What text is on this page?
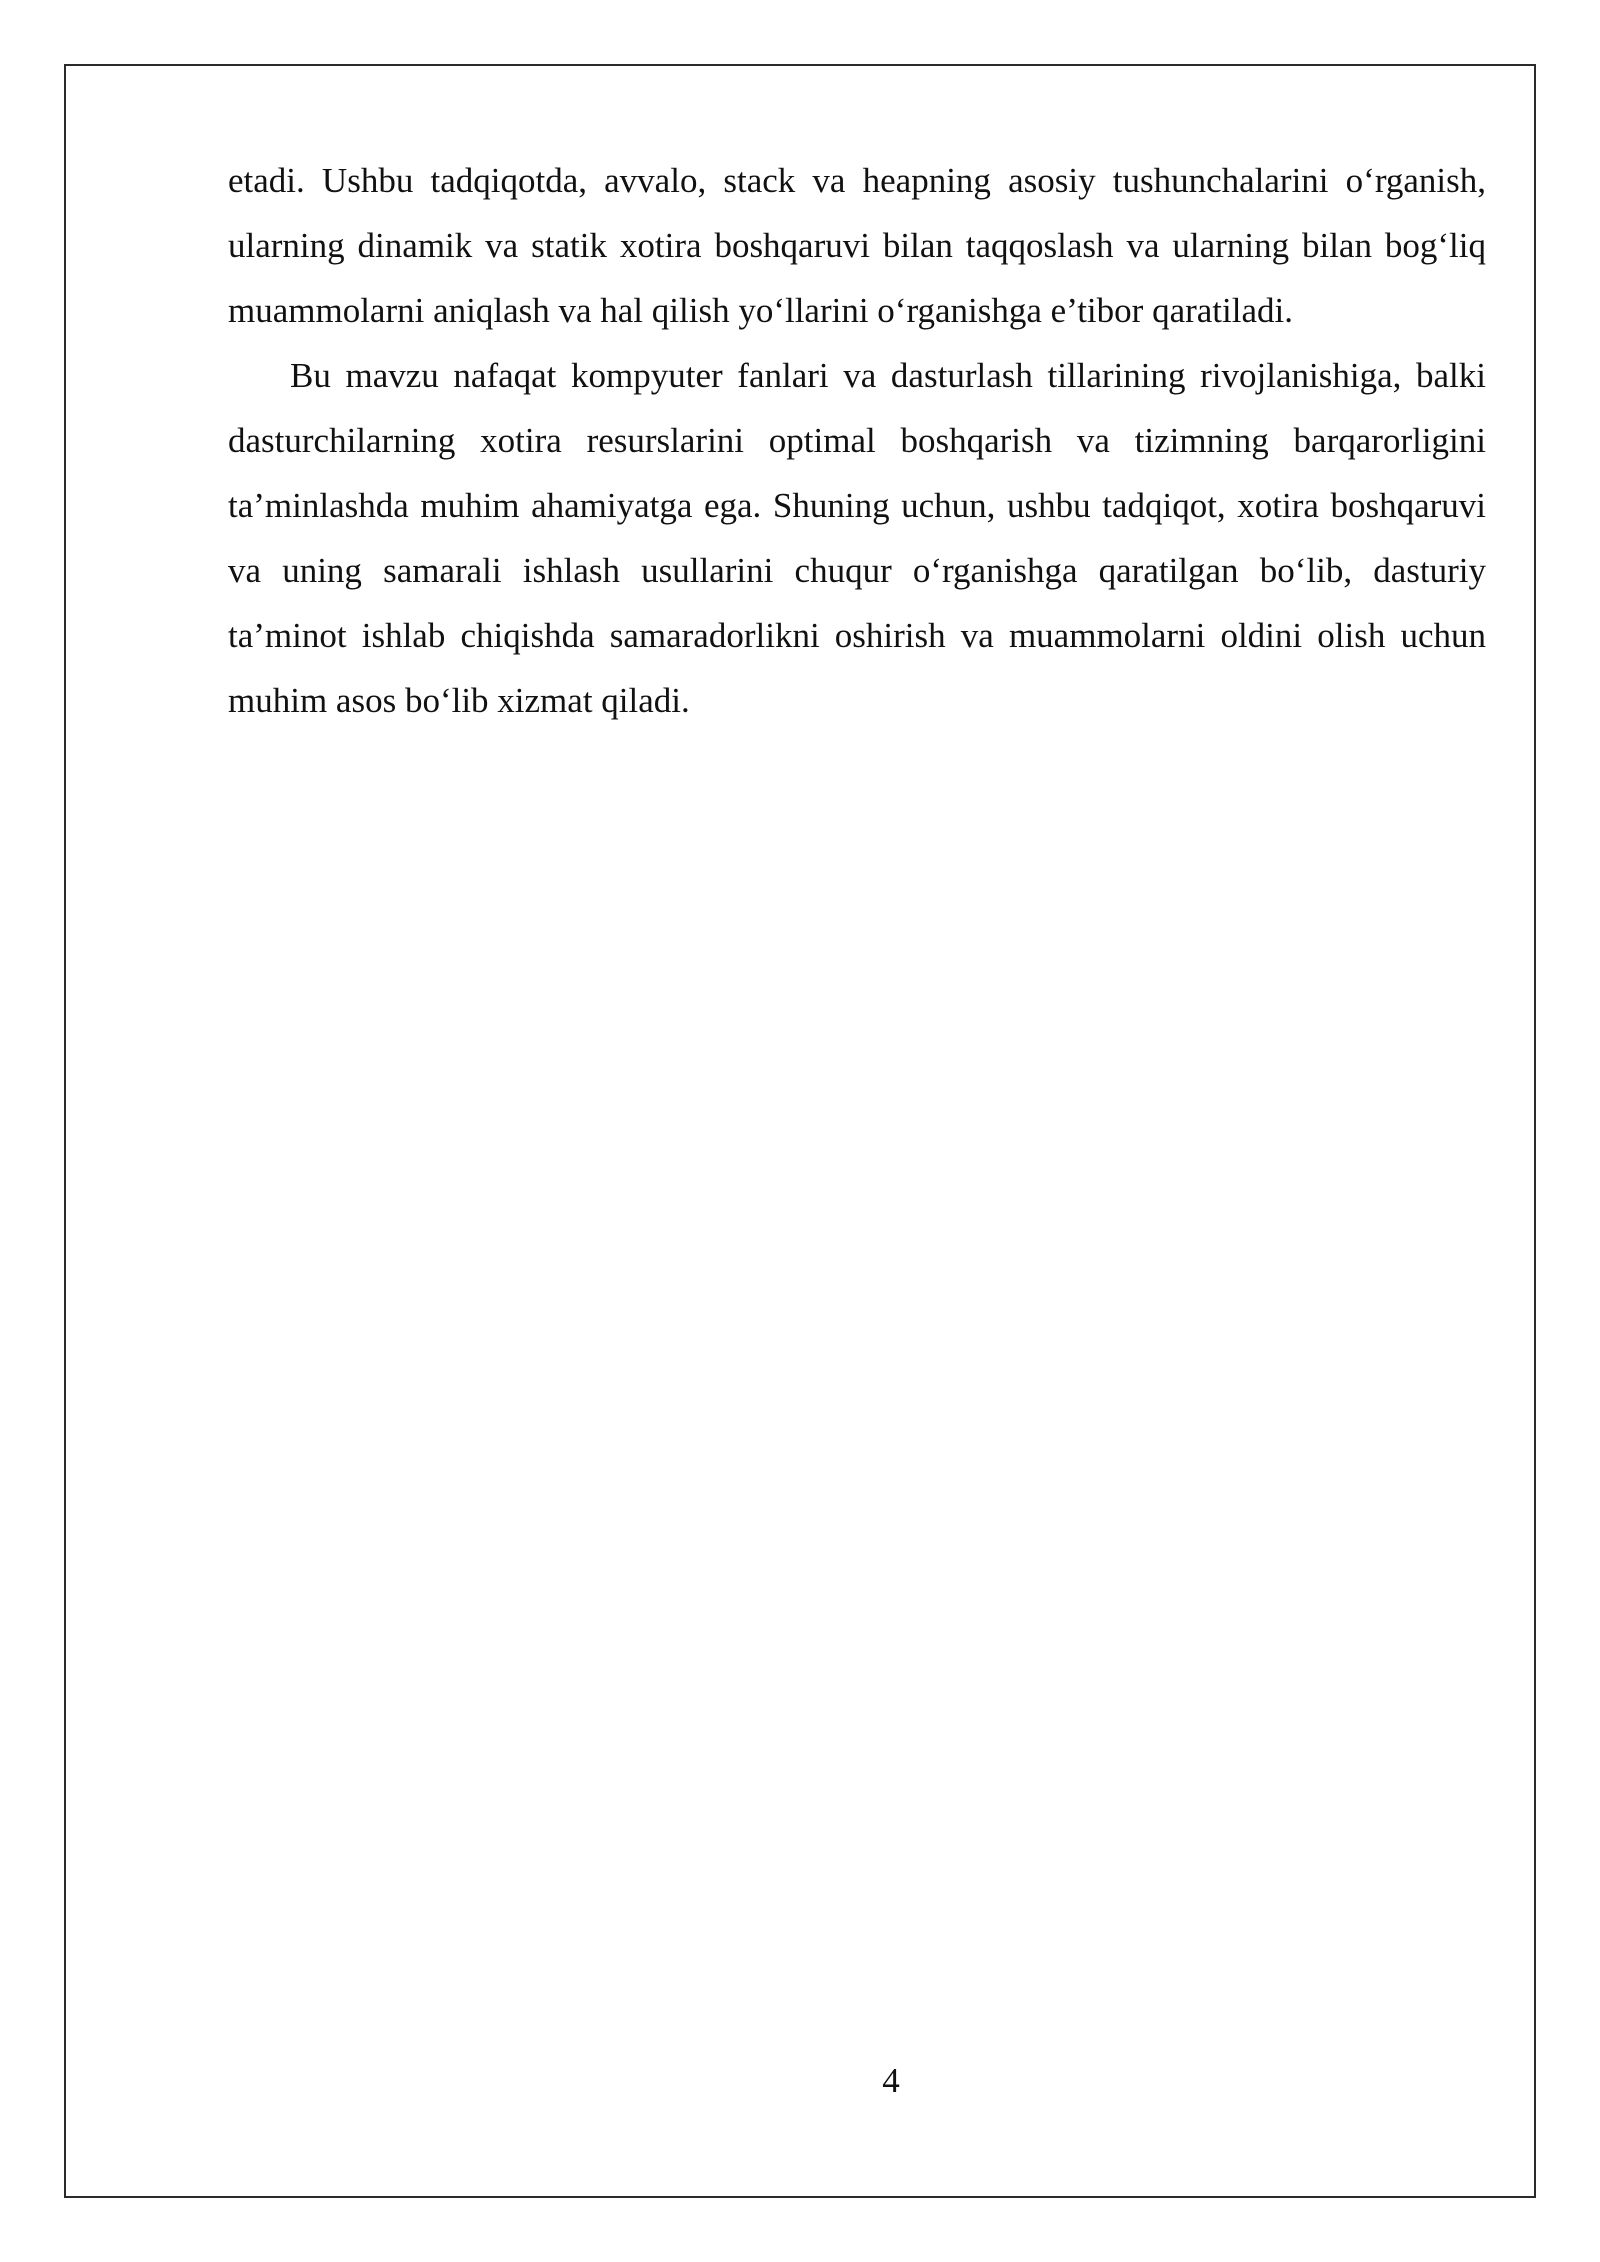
etadi. Ushbu tadqiqotda, avvalo, stack va heapning asosiy tushunchalarini o‘rganish, ularning dinamik va statik xotira boshqaruvi bilan taqqoslash va ularning bilan bog‘liq muammolarni aniqlash va hal qilish yo‘llarini o‘rganishga e’tibor qaratiladi.

Bu mavzu nafaqat kompyuter fanlari va dasturlash tillarining rivojlanishiga, balki dasturchilarning xotira resurslarini optimal boshqarish va tizimning barqarorligini ta’minlashda muhim ahamiyatga ega. Shuning uchun, ushbu tadqiqot, xotira boshqaruvi va uning samarali ishlash usullarini chuqur o‘rganishga qaratilgan bo‘lib, dasturiy ta’minot ishlab chiqishda samaradorlikni oshirish va muammolarni oldini olish uchun muhim asos bo‘lib xizmat qiladi.

4
